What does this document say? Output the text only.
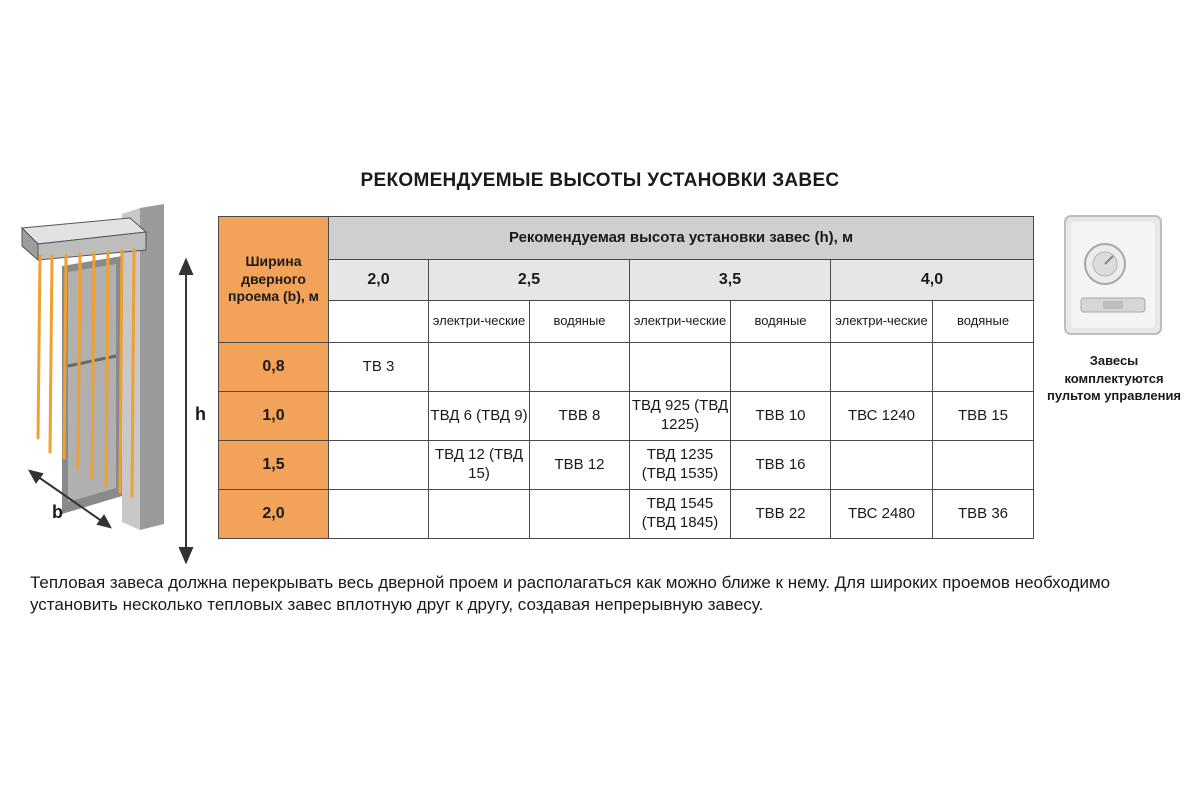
РЕКОМЕНДУЕМЫЕ ВЫСОТЫ УСТАНОВКИ ЗАВЕС
b
h
Ширина дверного проема (b), м	Рекомендуемая высота установки завес (h), м						
	2,0	2,5		3,5		4,0	
		электри-ческие	водяные	электри-ческие	водяные	электри-ческие	водяные
0,8	ТВ 3						
1,0		ТВД 6 (ТВД 9)	ТВВ 8	ТВД 925 (ТВД 1225)	ТВВ 10	ТВС 1240	ТВВ 15
1,5		ТВД 12 (ТВД 15)	ТВВ 12	ТВД 1235 (ТВД 1535)	ТВВ 16		
2,0				ТВД 1545 (ТВД 1845)	ТВВ 22	ТВС 2480	ТВВ 36
Завесы комплектуются пультом управления
Тепловая завеса должна перекрывать весь дверной проем и располагаться как можно ближе к нему. Для широких проемов необходимо установить несколько тепловых завес вплотную друг к другу, создавая непрерывную завесу.
